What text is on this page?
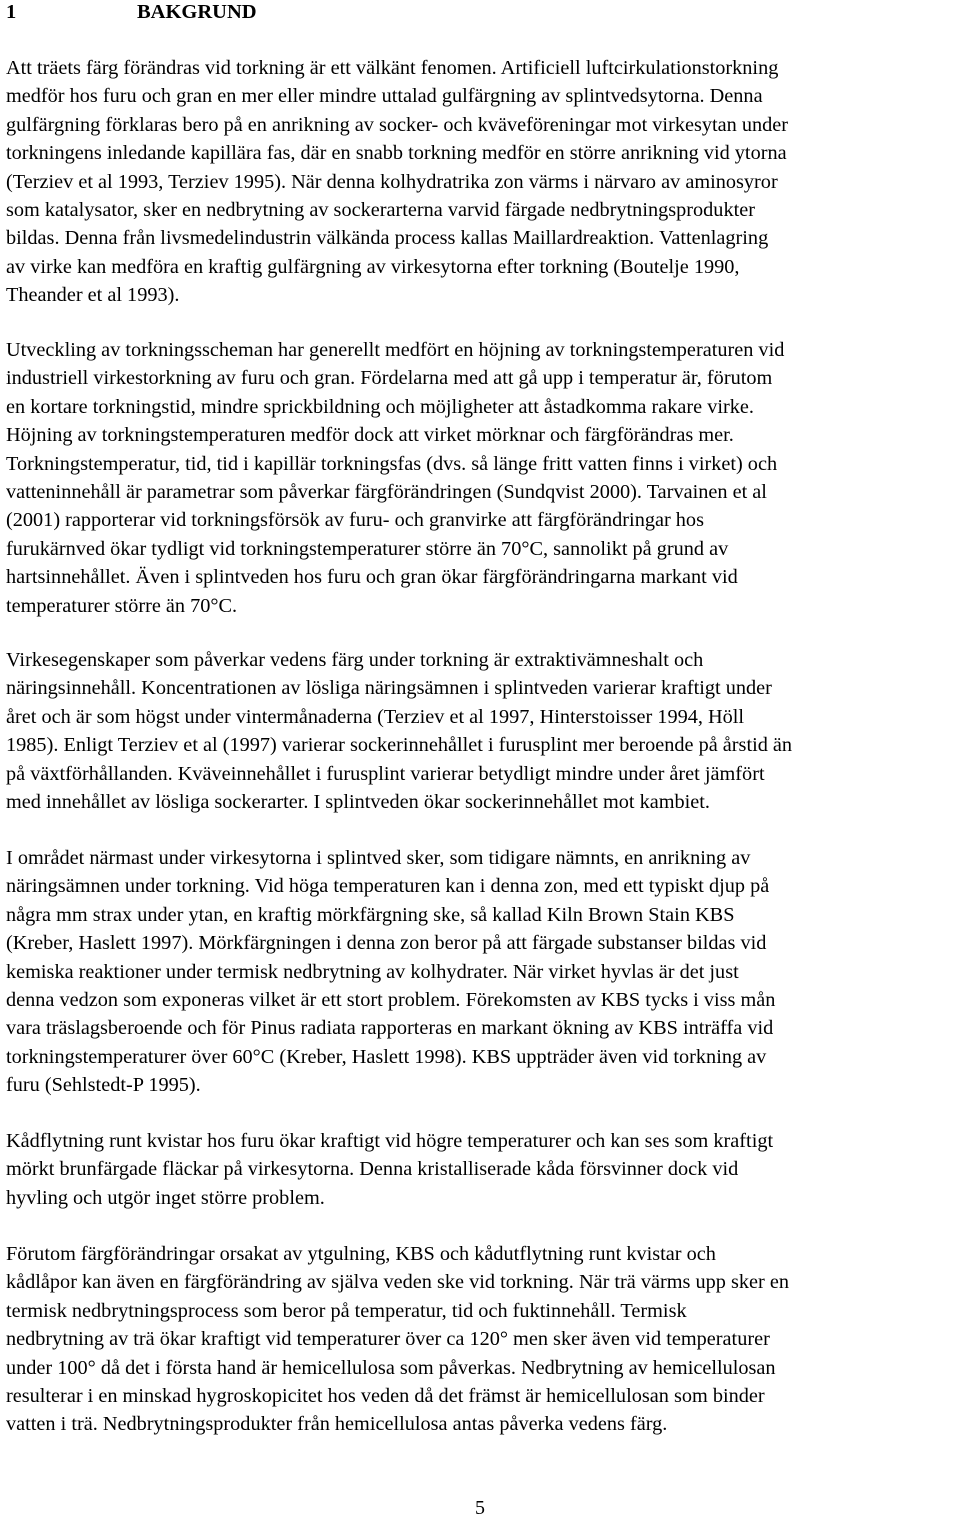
1	BAKGRUND

Att träets färg förändras vid torkning är ett välkänt fenomen. Artificiell luftcirkulationstorkning
medför hos furu och gran en mer eller mindre uttalad gulfärgning av splintvedsytorna. Denna
gulfärgning förklaras bero på en anrikning av socker- och kväveföreningar mot virkesytan under
torkningens inledande kapillära fas, där en snabb torkning medför en större anrikning vid ytorna
(Terziev et al 1993, Terziev 1995). När denna kolhydratrika zon värms i närvaro av aminosyror
som katalysator, sker en nedbrytning av sockerarterna varvid färgade nedbrytningsprodukter
bildas. Denna från livsmedelindustrin välkända process kallas Maillardreaktion. Vattenlagring
av virke kan medföra en kraftig gulfärgning av virkesytorna efter torkning (Boutelje 1990,
Theander et al 1993).

Utveckling av torkningsscheman har generellt medfört en höjning av torkningstemperaturen vid
industriell virkestorkning av furu och gran. Fördelarna med att gå upp i temperatur är, förutom
en kortare torkningstid, mindre sprickbildning och möjligheter att åstadkomma rakare virke.
Höjning av torkningstemperaturen medför dock att virket mörknar och färgförändras mer.
Torkningstemperatur, tid, tid i kapillär torkningsfas (dvs. så länge fritt vatten finns i virket) och
vatteninnehåll är parametrar som påverkar färgförändringen (Sundqvist 2000). Tarvainen et al
(2001) rapporterar vid torkningsförsök av furu- och granvirke att färgförändringar hos
furukärnved ökar tydligt vid torkningstemperaturer större än 70°C, sannolikt på grund av
hartsinnehållet. Även i splintveden hos furu och gran ökar färgförändringarna markant vid
temperaturer större än 70°C.

Virkesegenskaper som påverkar vedens färg under torkning är extraktivämneshalt och
näringsinnehåll. Koncentrationen av lösliga näringsämnen i splintveden varierar kraftigt under
året och är som högst under vintermånaderna (Terziev et al 1997, Hinterstoisser 1994, Höll
1985). Enligt Terziev et al (1997) varierar sockerinnehållet i furusplint mer beroende på årstid än
på växtförhållanden. Kväveinnehållet i furusplint varierar betydligt mindre under året jämfört
med innehållet av lösliga sockerarter. I splintveden ökar sockerinnehållet mot kambiet.

I området närmast under virkesytorna i splintved sker, som tidigare nämnts, en anrikning av
näringsämnen under torkning. Vid höga temperaturen kan i denna zon, med ett typiskt djup på
några mm strax under ytan, en kraftig mörkfärgning ske, så kallad Kiln Brown Stain KBS
(Kreber, Haslett 1997). Mörkfärgningen i denna zon beror på att färgade substanser bildas vid
kemiska reaktioner under termisk nedbrytning av kolhydrater. När virket hyvlas är det just
denna vedzon som exponeras vilket är ett stort problem. Förekomsten av KBS tycks i viss mån
vara träslagsberoende och för Pinus radiata rapporteras en markant ökning av KBS inträffa vid
torkningstemperaturer över 60°C (Kreber, Haslett 1998). KBS uppträder även vid torkning av
furu (Sehlstedt-P 1995).

Kådflytning runt kvistar hos furu ökar kraftigt vid högre temperaturer och kan ses som kraftigt
mörkt brunfärgade fläckar på virkesytorna. Denna kristalliserade kåda försvinner dock vid
hyvling och utgör inget större problem.

Förutom färgförändringar orsakat av ytgulning, KBS och kådutflytning runt kvistar och
kådlåpor kan även en färgförändring av själva veden ske vid torkning. När trä värms upp sker en
termisk nedbrytningsprocess som beror på temperatur, tid och fuktinnehåll. Termisk
nedbrytning av trä ökar kraftigt vid temperaturer över ca 120° men sker även vid temperaturer
under 100° då det i första hand är hemicellulosa som påverkas. Nedbrytning av hemicellulosan
resulterar i en minskad hygroskopicitet hos veden då det främst är hemicellulosan som binder
vatten i trä. Nedbrytningsprodukter från hemicellulosa antas påverka vedens färg.

5
